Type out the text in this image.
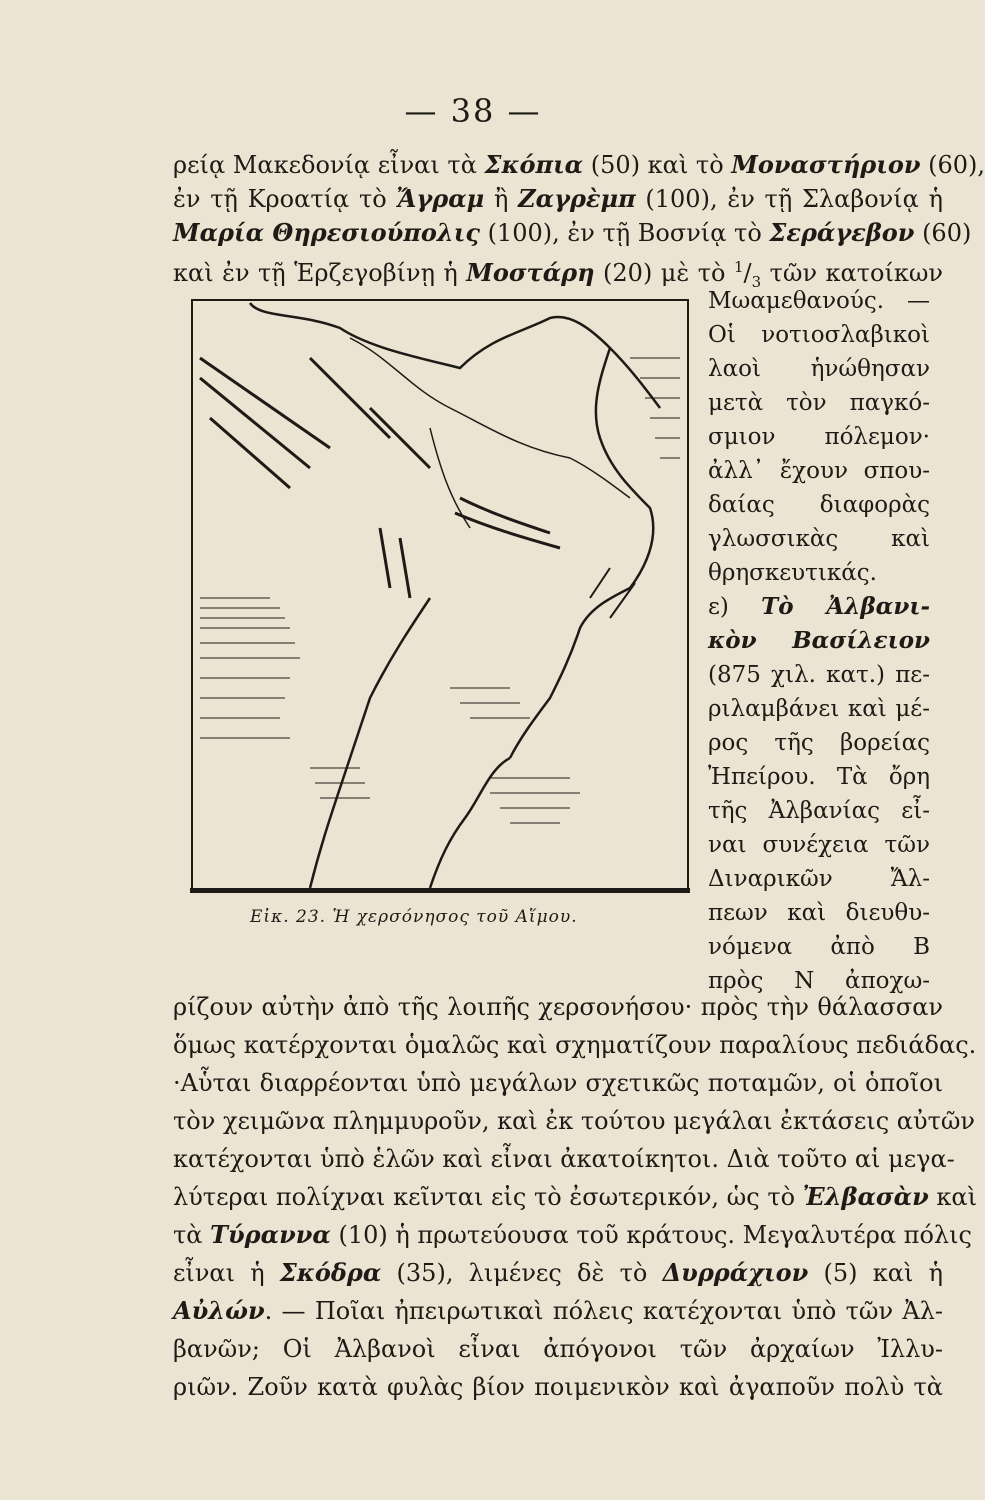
— 38 —
ρείᾳ Μακεδονίᾳ εἶναι τὰ Σκόπια (50) καὶ τὸ Μοναστήριον (60),
ἐν τῇ Κροατίᾳ τὸ Ἄγραμ ἢ Ζαγρὲμπ (100), ἐν τῇ Σλαβονίᾳ ἡ
Μαρία Θηρεσιούπολις (100), ἐν τῇ Βοσνίᾳ τὸ Σεράγεβον (60)
καὶ ἐν τῇ Ἑρζεγοβίνῃ ἡ Μοστάρη (20) μὲ τὸ $^1/_3$ τῶν κατοίκων
Μωαμεθανούς. —
Οἱ νοτιοσλαβικοὶ
λαοὶ ἡνώθησαν
μετὰ τὸν παγκό-
σμιον πόλεμον·
ἀλλ᾽ ἔχουν σπου-
δαίας διαφορὰς
γλωσσικὰς καὶ
θρησκευτικάς.
ε) Τὸ Ἀλβανι-
κὸν Βασίλειον
(875 χιλ. κατ.) πε-
ριλαμβάνει καὶ μέ-
ρος τῆς βορείας
Ἠπείρου. Τὰ ὄρη
τῆς Ἀλβανίας εἶ-
ναι συνέχεια τῶν
Διναρικῶν Ἄλ-
πεων καὶ διευθυ-
νόμενα ἀπὸ Β
πρὸς Ν ἀποχω-
Εἰκ. 23. Ἡ χερσόνησος τοῦ Αἵμου.
ρίζουν αὐτὴν ἀπὸ τῆς λοιπῆς χερσονήσου· πρὸς τὴν θάλασσαν
ὅμως κατέρχονται ὁμαλῶς καὶ σχηματίζουν παραλίους πεδιάδας.
·Αὗται διαρρέονται ὑπὸ μεγάλων σχετικῶς ποταμῶν, οἱ ὁποῖοι
τὸν χειμῶνα πλημμυροῦν, καὶ ἐκ τούτου μεγάλαι ἐκτάσεις αὐτῶν
κατέχονται ὑπὸ ἑλῶν καὶ εἶναι ἀκατοίκητοι. Διὰ τοῦτο αἱ μεγα-
λύτεραι πολίχναι κεῖνται εἰς τὸ ἐσωτερικόν, ὡς τὸ Ἐλβασὰν καὶ
τὰ Τύραννα (10) ἡ πρωτεύουσα τοῦ κράτους. Μεγαλυτέρα πόλις
εἶναι ἡ Σκόδρα (35), λιμένες δὲ τὸ Δυρράχιον (5) καὶ ἡ
Αὐλών. — Ποῖαι ἠπειρωτικαὶ πόλεις κατέχονται ὑπὸ τῶν Ἀλ-
βανῶν; Οἱ Ἀλβανοὶ εἶναι ἀπόγονοι τῶν ἀρχαίων Ἰλλυ-
ριῶν. Ζοῦν κατὰ φυλὰς βίον ποιμενικὸν καὶ ἀγαποῦν πολὺ τὰ
